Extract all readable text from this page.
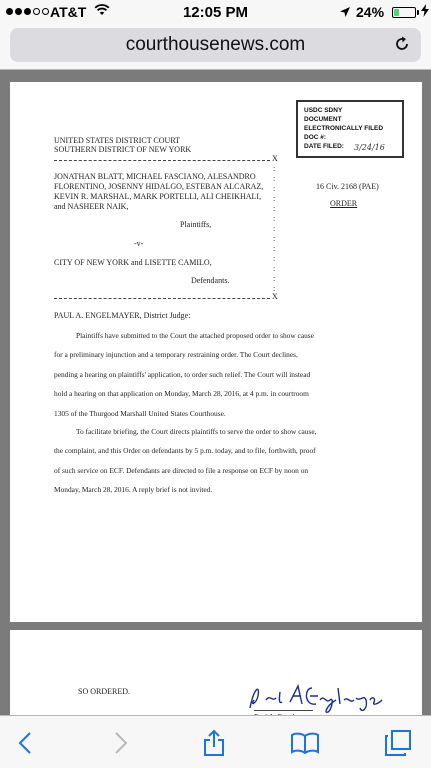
AT&T	12:05 PM	24%
courthousenews.com
USDC SDNY
DOCUMENT
ELECTRONICALLY FILED
DOC #:
DATE FILED:	3/24/16
UNITED STATES DISTRICT COURT
SOUTHERN DISTRICT OF NEW YORK
X
JONATHAN BLATT, MICHAEL FASCIANO, ALESANDRO
FLORENTINO, JOSENNY HIDALGO, ESTEBAN ALCARAZ,
KEVIN R. MARSHAL, MARK PORTELLI, ALI CHEIKHALI,
and NASHEER NAIK,
Plaintiffs,
-v-
CITY OF NEW YORK and LISETTE CAMILO,
Defendants.
:
:
:
:
:
:
:
:
:
:
:
:
:
X
16 Civ. 2168 (PAE)
ORDER
PAUL A. ENGELMAYER, District Judge:
Plaintiffs have submitted to the Court the attached proposed order to show cause
for a preliminary injunction and a temporary restraining order. The Court declines,
pending a hearing on plaintiffs' application, to order such relief. The Court will instead
hold a hearing on that application on Monday, March 28, 2016, at 4 p.m. in courtroom
1305 of the Thurgood Marshall United States Courthouse.
To facilitate briefing, the Court directs plaintiffs to serve the order to show cause,
the complaint, and this Order on defendants by 5 p.m. today, and to file, forthwith, proof
of such service on ECF. Defendants are directed to file a response on ECF by noon on
Monday, March 28, 2016. A reply brief is not invited.
SO ORDERED.
